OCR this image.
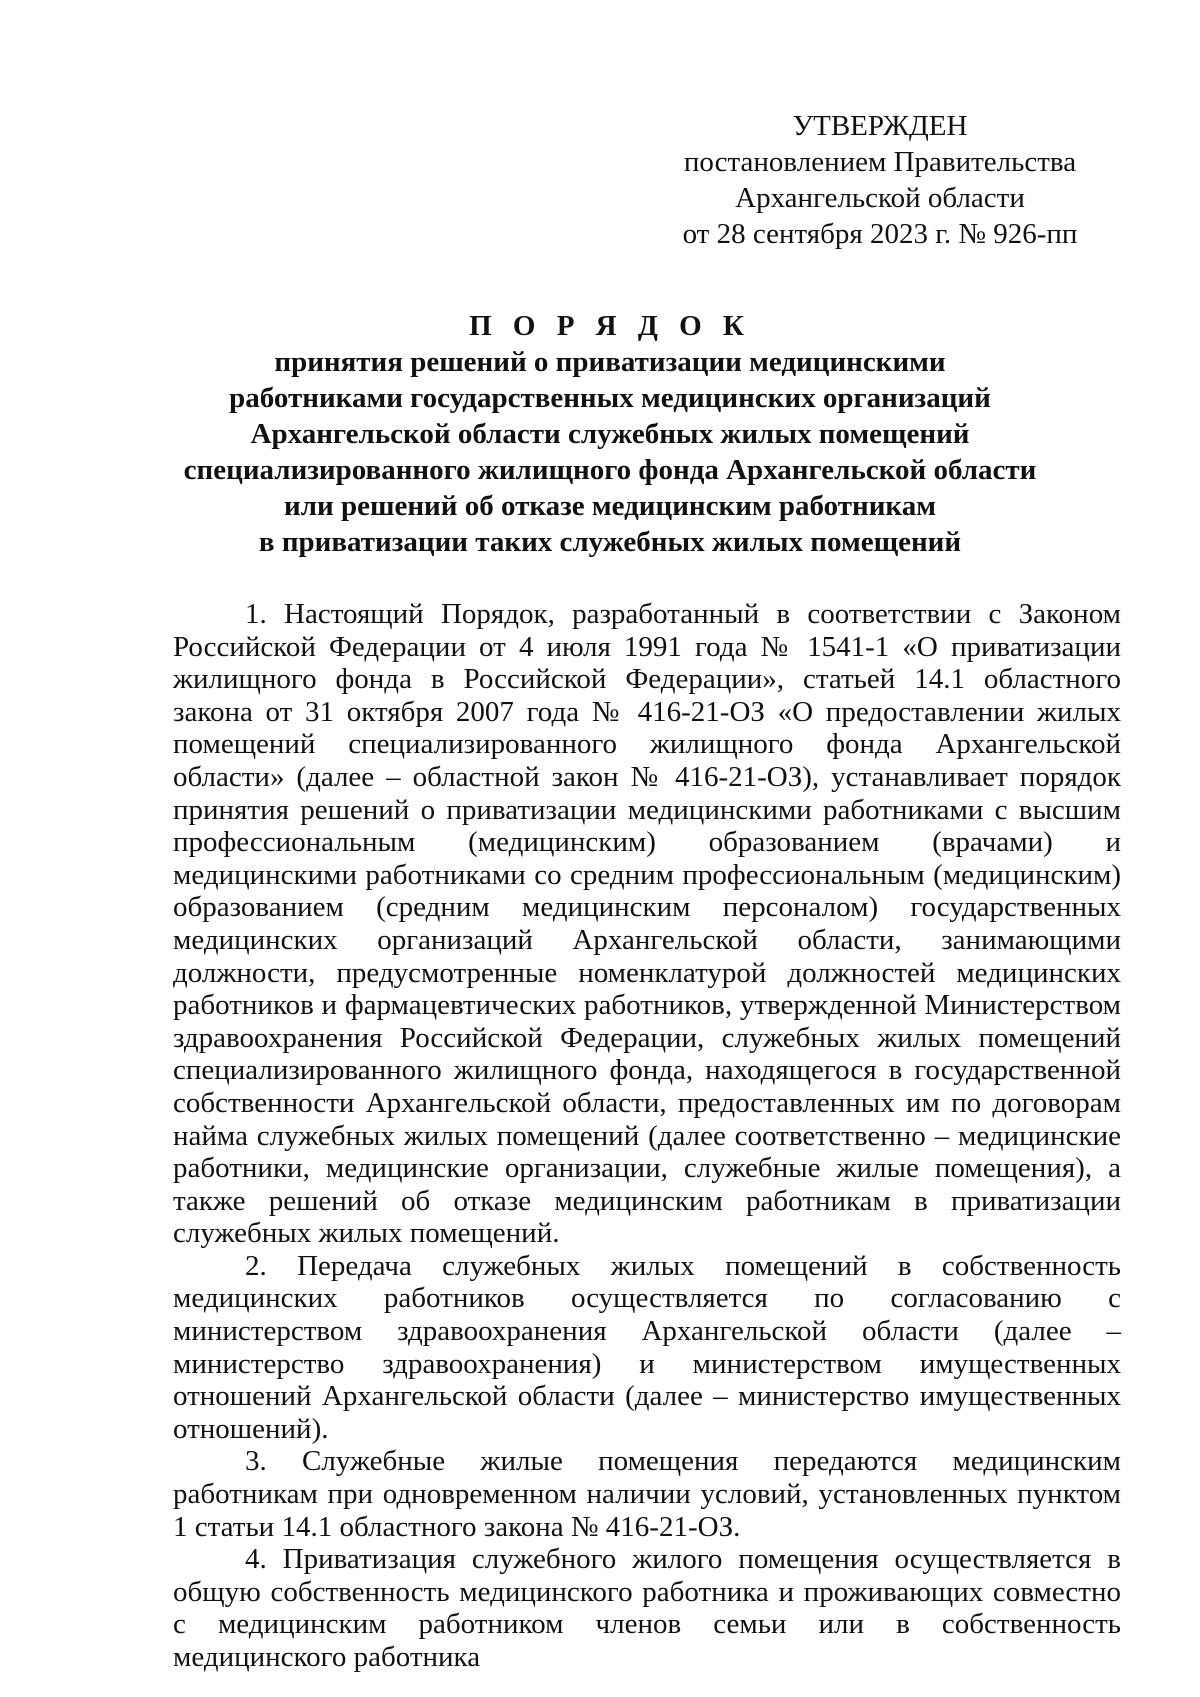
УТВЕРЖДЕН
постановлением Правительства
Архангельской области
от 28 сентября 2023 г. № 926-пп
П О Р Я Д О К
принятия решений о приватизации медицинскими
работниками государственных медицинских организаций
Архангельской области служебных жилых помещений
специализированного жилищного фонда Архангельской области
или решений об отказе медицинским работникам
в приватизации таких служебных жилых помещений

1. Настоящий Порядок, разработанный в соответствии с Законом Российской Федерации от 4 июля 1991 года № 1541-1 «О приватизации жилищного фонда в Российской Федерации», статьей 14.1 областного закона от 31 октября 2007 года № 416-21-ОЗ «О предоставлении жилых помещений специализированного жилищного фонда Архангельской области» (далее – областной закон № 416-21-ОЗ), устанавливает порядок принятия решений о приватизации медицинскими работниками с высшим профессиональным (медицинским) образованием (врачами) и медицинскими работниками со средним профессиональным (медицинским) образованием (средним медицинским персоналом) государственных медицинских организаций Архангельской области, занимающими должности, предусмотренные номенклатурой должностей медицинских работников и фармацевтических работников, утвержденной Министерством здравоохранения Российской Федерации, служебных жилых помещений специализированного жилищного фонда, находящегося в государственной собственности Архангельской области, предоставленных им по договорам найма служебных жилых помещений (далее соответственно – медицинские работники, медицинские организации, служебные жилые помещения), а также решений об отказе медицинским работникам в приватизации служебных жилых помещений.

2. Передача служебных жилых помещений в собственность медицинских работников осуществляется по согласованию с министерством здравоохранения Архангельской области (далее – министерство здравоохранения) и министерством имущественных отношений Архангельской области (далее – министерство имущественных отношений).

3. Служебные жилые помещения передаются медицинским работникам при одновременном наличии условий, установленных пунктом 1 статьи 14.1 областного закона № 416-21-ОЗ.

4. Приватизация служебного жилого помещения осуществляется в общую собственность медицинского работника и проживающих совместно с медицинским работником членов семьи или в собственность медицинского работника
